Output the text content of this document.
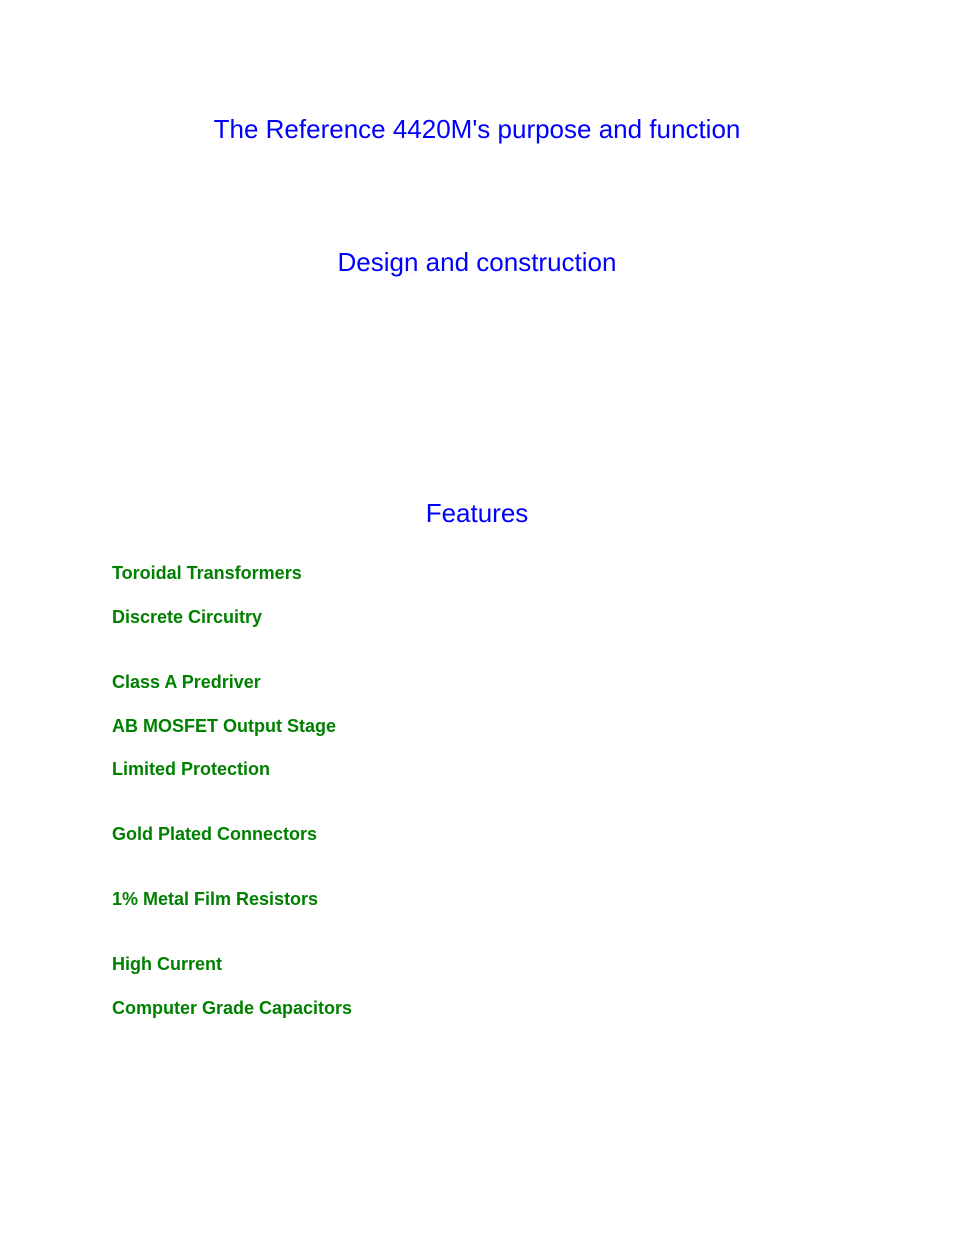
The Reference 4420M's purpose and function
Design and construction
Features

Toroidal Transformers

Discrete Circuitry

Class A Predriver

AB MOSFET Output Stage

Limited Protection

Gold Plated Connectors

1% Metal Film Resistors

High Current

Computer Grade Capacitors
